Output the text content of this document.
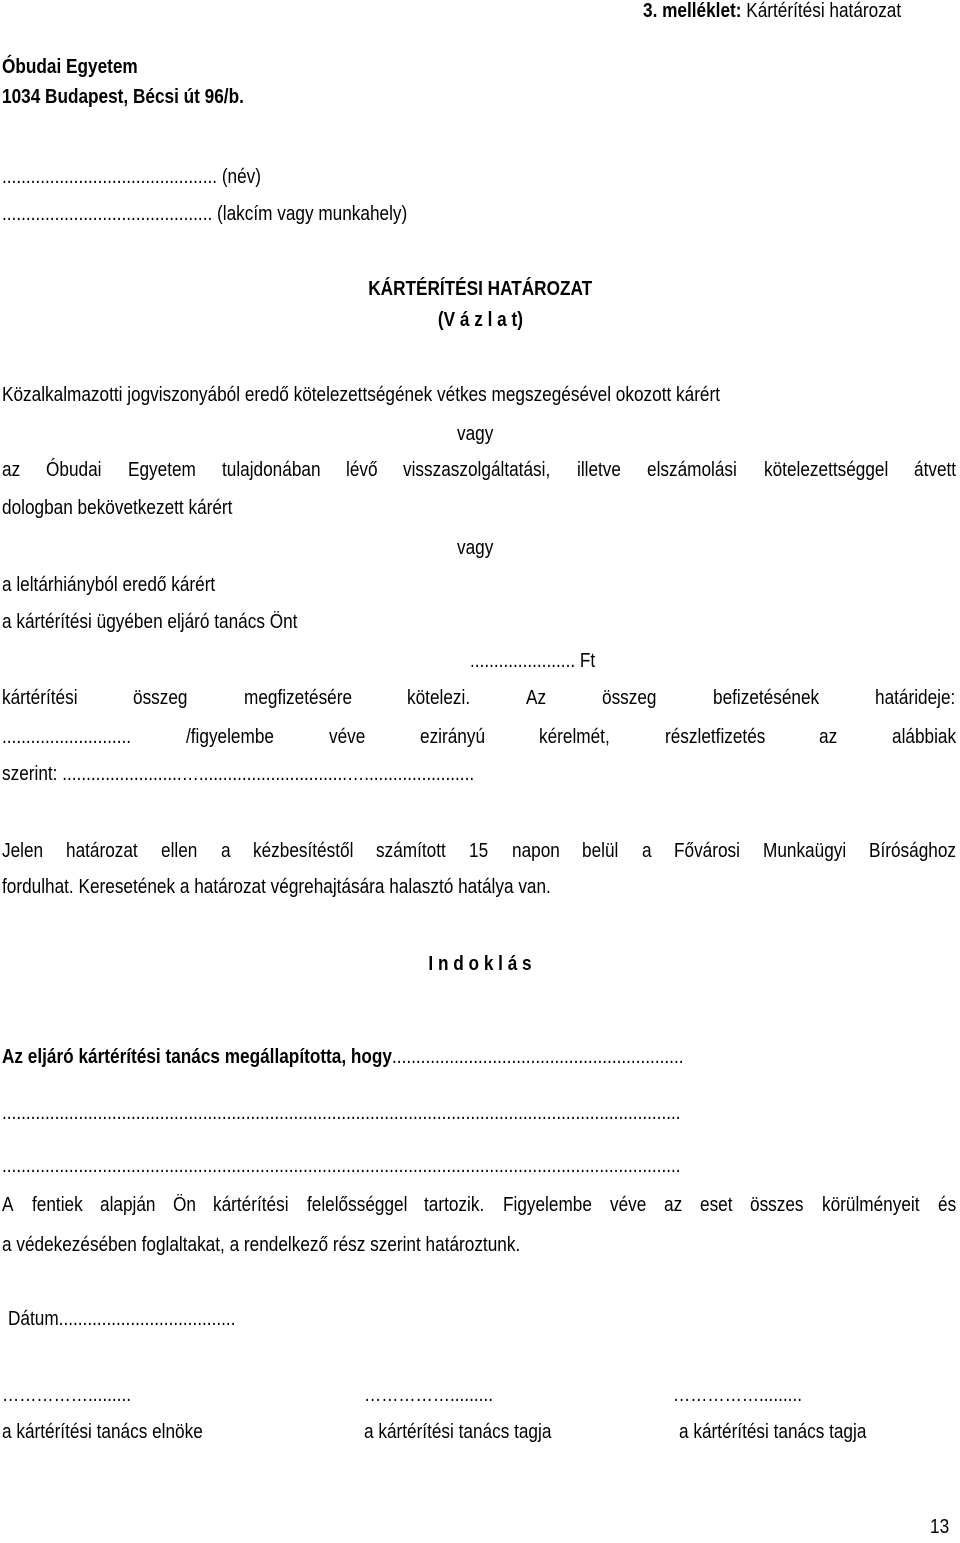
3. melléklet: Kártérítési határozat
Óbudai Egyetem
1034 Budapest, Bécsi út 96/b.
............................................. (név)
............................................ (lakcím vagy munkahely)
KÁRTÉRÍTÉSI HATÁROZAT
(V á z l a t)
Közalkalmazotti jogviszonyából eredő kötelezettségének vétkes megszegésével okozott kárért
vagy
az Óbudai Egyetem tulajdonában lévő visszaszolgáltatási, illetve elszámolási kötelezettséggel átvett
dologban bekövetkezett kárért
vagy
a leltárhiányból eredő kárért
a kártérítési ügyében eljáró tanács Önt
...................... Ft
kártérítési	összeg	megfizetésére	kötelezi.	Az	összeg	befizetésének	határideje:
...........................	/figyelembe	véve	ezirányú	kérelmét,	részletfizetés	az	alábbiak
szerint: .........................…...............................….......................
Jelen határozat ellen a kézbesítéstől számított 15 napon belül a Fővárosi Munkaügyi Bírósághoz
fordulhat. Keresetének a határozat végrehajtására halasztó hatálya van.
I n d o k l á s
Az eljáró kártérítési tanács megállapította, hogy.............................................................
..............................................................................................................................................
..............................................................................................................................................
A fentiek alapján Ön kártérítési felelősséggel tartozik. Figyelembe véve az eset összes körülményeit és
a védekezésében foglaltakat, a rendelkező rész szerint határoztunk.
Dátum.....................................
…………….........
a kártérítési tanács elnöke
…………….........
a kártérítési tanács tagja
…………….........
a kártérítési tanács tagja
13
